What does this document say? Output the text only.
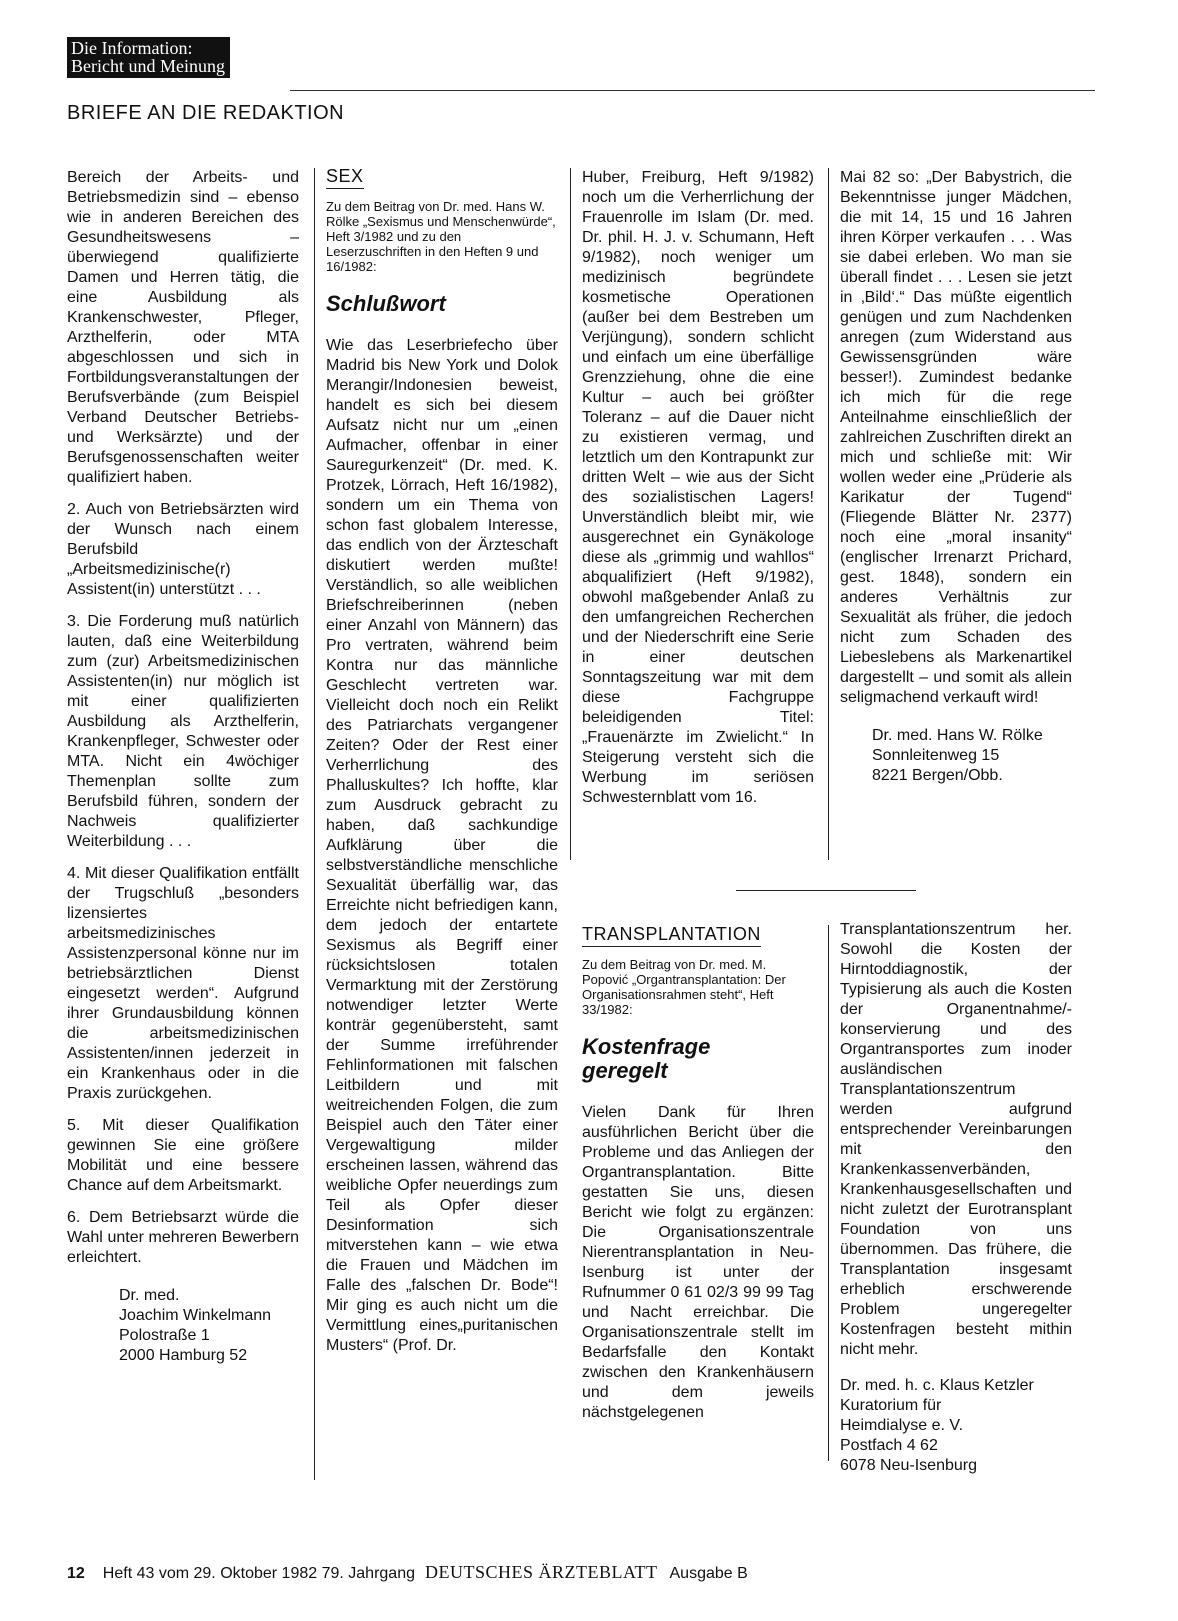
Die Information:
Bericht und Meinung
BRIEFE AN DIE REDAKTION

Bereich der Arbeits- und Betriebsmedizin sind – ebenso wie in anderen Bereichen des Gesundheitswesens – überwiegend qualifizierte Damen und Herren tätig, die eine Ausbildung als Krankenschwester, Pfleger, Arzthelferin, oder MTA abgeschlossen und sich in Fortbildungsveranstaltungen der Berufsverbände (zum Beispiel Verband Deutscher Betriebs- und Werksärzte) und der Berufsgenossenschaften weiter qualifiziert haben.

2. Auch von Betriebsärzten wird der Wunsch nach einem Berufsbild „Arbeitsmedizinische(r) Assistent(in) unterstützt . . .

3. Die Forderung muß natürlich lauten, daß eine Weiterbildung zum (zur) Arbeitsmedizinischen Assistenten(in) nur möglich ist mit einer qualifizierten Ausbildung als Arzthelferin, Krankenpfleger, Schwester oder MTA. Nicht ein 4wöchiger Themenplan sollte zum Berufsbild führen, sondern der Nachweis qualifizierter Weiterbildung . . .

4. Mit dieser Qualifikation entfällt der Trugschluß „besonders lizensiertes arbeitsmedizinisches Assistenzpersonal könne nur im betriebsärztlichen Dienst eingesetzt werden“. Aufgrund ihrer Grundausbildung können die arbeitsmedizinischen Assistenten/innen jederzeit in ein Krankenhaus oder in die Praxis zurückgehen.

5. Mit dieser Qualifikation gewinnen Sie eine größere Mobilität und eine bessere Chance auf dem Arbeitsmarkt.

6. Dem Betriebsarzt würde die Wahl unter mehreren Bewerbern erleichtert.

Dr. med.
Joachim Winkelmann
Polostraße 1
2000 Hamburg 52
SEX
Zu dem Beitrag von Dr. med. Hans W. Rölke „Sexismus und Menschenwürde“, Heft 3/1982 und zu den Leserzuschriften in den Heften 9 und 16/1982:
Schlußwort

Wie das Leserbriefecho über Madrid bis New York und Dolok Merangir/Indonesien beweist, handelt es sich bei diesem Aufsatz nicht nur um „einen Aufmacher, offenbar in einer Sauregurkenzeit“ (Dr. med. K. Protzek, Lörrach, Heft 16/1982), sondern um ein Thema von schon fast globalem Interesse, das endlich von der Ärzteschaft diskutiert werden mußte! Verständlich, so alle weiblichen Briefschreiberinnen (neben einer Anzahl von Männern) das Pro vertraten, während beim Kontra nur das männliche Geschlecht vertreten war. Vielleicht doch noch ein Relikt des Patriarchats vergangener Zeiten? Oder der Rest einer Verherrlichung des Phalluskultes? Ich hoffte, klar zum Ausdruck gebracht zu haben, daß sachkundige Aufklärung über die selbstverständliche menschliche Sexualität überfällig war, das Erreichte nicht befriedigen kann, dem jedoch der entartete Sexismus als Begriff einer rücksichtslosen totalen Vermarktung mit der Zerstörung notwendiger letzter Werte konträr gegenübersteht, samt der Summe irreführender Fehlinformationen mit falschen Leitbildern und mit weitreichenden Folgen, die zum Beispiel auch den Täter einer Vergewaltigung milder erscheinen lassen, während das weibliche Opfer neuerdings zum Teil als Opfer dieser Desinformation sich mitverstehen kann – wie etwa die Frauen und Mädchen im Falle des „falschen Dr. Bode“! Mir ging es auch nicht um die Vermittlung eines„puritanischen Musters“ (Prof. Dr.

Huber, Freiburg, Heft 9/1982) noch um die Verherrlichung der Frauenrolle im Islam (Dr. med. Dr. phil. H. J. v. Schumann, Heft 9/1982), noch weniger um medizinisch begründete kosmetische Operationen (außer bei dem Bestreben um Verjüngung), sondern schlicht und einfach um eine überfällige Grenzziehung, ohne die eine Kultur – auch bei größter Toleranz – auf die Dauer nicht zu existieren vermag, und letztlich um den Kontrapunkt zur dritten Welt – wie aus der Sicht des sozialistischen Lagers! Unverständlich bleibt mir, wie ausgerechnet ein Gynäkologe diese als „grimmig und wahllos“ abqualifiziert (Heft 9/1982), obwohl maßgebender Anlaß zu den umfangreichen Recherchen und der Niederschrift eine Serie in einer deutschen Sonntagszeitung war mit dem diese Fachgruppe beleidigenden Titel: „Frauenärzte im Zwielicht.“ In Steigerung versteht sich die Werbung im seriösen Schwesternblatt vom 16.

Mai 82 so: „Der Babystrich, die Bekenntnisse junger Mädchen, die mit 14, 15 und 16 Jahren ihren Körper verkaufen . . . Was sie dabei erleben. Wo man sie überall findet . . . Lesen sie jetzt in ‚Bild‘.“ Das müßte eigentlich genügen und zum Nachdenken anregen (zum Widerstand aus Gewissensgründen wäre besser!). Zumindest bedanke ich mich für die rege Anteilnahme einschließlich der zahlreichen Zuschriften direkt an mich und schließe mit: Wir wollen weder eine „Prüderie als Karikatur der Tugend“ (Fliegende Blätter Nr. 2377) noch eine „moral insanity“ (englischer Irrenarzt Prichard, gest. 1848), sondern ein anderes Verhältnis zur Sexualität als früher, die jedoch nicht zum Schaden des Liebeslebens als Markenartikel dargestellt – und somit als allein seligmachend verkauft wird!

Dr. med. Hans W. Rölke
Sonnleitenweg 15
8221 Bergen/Obb.
TRANSPLANTATION
Zu dem Beitrag von Dr. med. M. Popović „Organtransplantation: Der Organisationsrahmen steht“, Heft 33/1982:
Kostenfrage
geregelt

Vielen Dank für Ihren ausführlichen Bericht über die Probleme und das Anliegen der Organtransplantation. Bitte gestatten Sie uns, diesen Bericht wie folgt zu ergänzen: Die Organisationszentrale Nierentransplantation in Neu-Isenburg ist unter der Rufnummer 0 61 02/3 99 99 Tag und Nacht erreichbar. Die Organisationszentrale stellt im Bedarfsfalle den Kontakt zwischen den Krankenhäusern und dem jeweils nächstgelegenen

Transplantationszentrum her. Sowohl die Kosten der Hirntoddiagnostik, der Typisierung als auch die Kosten der Organentnahme/-konservierung und des Organtransportes zum inoder ausländischen Transplantationszentrum werden aufgrund entsprechender Vereinbarungen mit den Krankenkassenverbänden, Krankenhausgesellschaften und nicht zuletzt der Eurotransplant Foundation von uns übernommen. Das frühere, die Transplantation insgesamt erheblich erschwerende Problem ungeregelter Kostenfragen besteht mithin nicht mehr.

Dr. med. h. c. Klaus Ketzler
Kuratorium für
Heimdialyse e. V.
Postfach 4 62
6078 Neu-Isenburg
12 Heft 43 vom 29. Oktober 1982 79. Jahrgang DEUTSCHES ÄRZTEBLATT Ausgabe B
